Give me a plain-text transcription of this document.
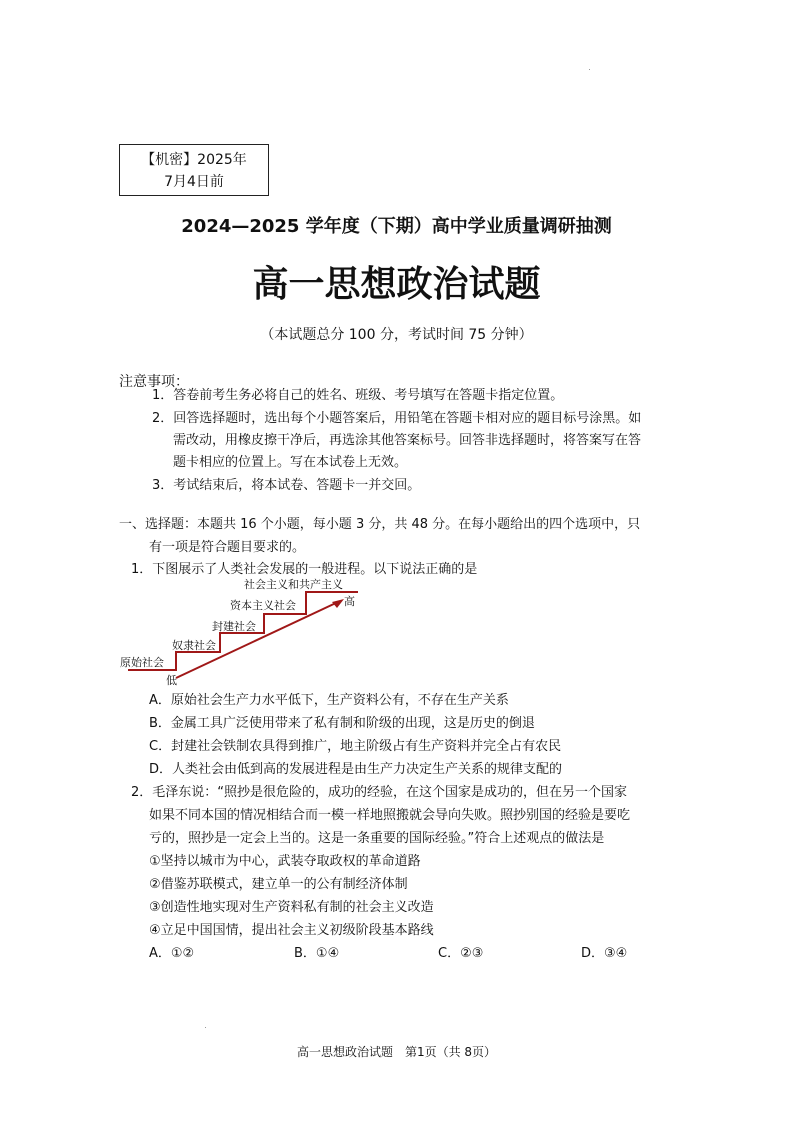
【机密】2025年
7月4日前
2024—2025 学年度（下期）高中学业质量调研抽测
高一思想政治试题
（本试题总分 100 分，考试时间 75 分钟）
注意事项：
1．答卷前考生务必将自己的姓名、班级、考号填写在答题卡指定位置。
2．回答选择题时，选出每个小题答案后，用铅笔在答题卡相对应的题目标号涂黑。如
需改动，用橡皮擦干净后，再选涂其他答案标号。回答非选择题时，将答案写在答
题卡相应的位置上。写在本试卷上无效。
3．考试结束后，将本试卷、答题卡一并交回。
一、选择题：本题共 16 个小题，每小题 3 分，共 48 分。在每小题给出的四个选项中，只
有一项是符合题目要求的。
1．下图展示了人类社会发展的一般进程。以下说法正确的是
原始社会
奴隶社会
封建社会
资本主义社会
社会主义和共产主义
低
高
A．原始社会生产力水平低下，生产资料公有，不存在生产关系
B．金属工具广泛使用带来了私有制和阶级的出现，这是历史的倒退
C．封建社会铁制农具得到推广，地主阶级占有生产资料并完全占有农民
D．人类社会由低到高的发展进程是由生产力决定生产关系的规律支配的
2．毛泽东说：“照抄是很危险的，成功的经验，在这个国家是成功的，但在另一个国家
如果不同本国的情况相结合而一模一样地照搬就会导向失败。照抄别国的经验是要吃
亏的，照抄是一定会上当的。这是一条重要的国际经验。”符合上述观点的做法是
①坚持以城市为中心，武装夺取政权的革命道路
②借鉴苏联模式，建立单一的公有制经济体制
③创造性地实现对生产资料私有制的社会主义改造
④立足中国国情，提出社会主义初级阶段基本路线
A．①②	B．①④	C．②③	D．③④
高一思想政治试题　第1页（共 8页）
